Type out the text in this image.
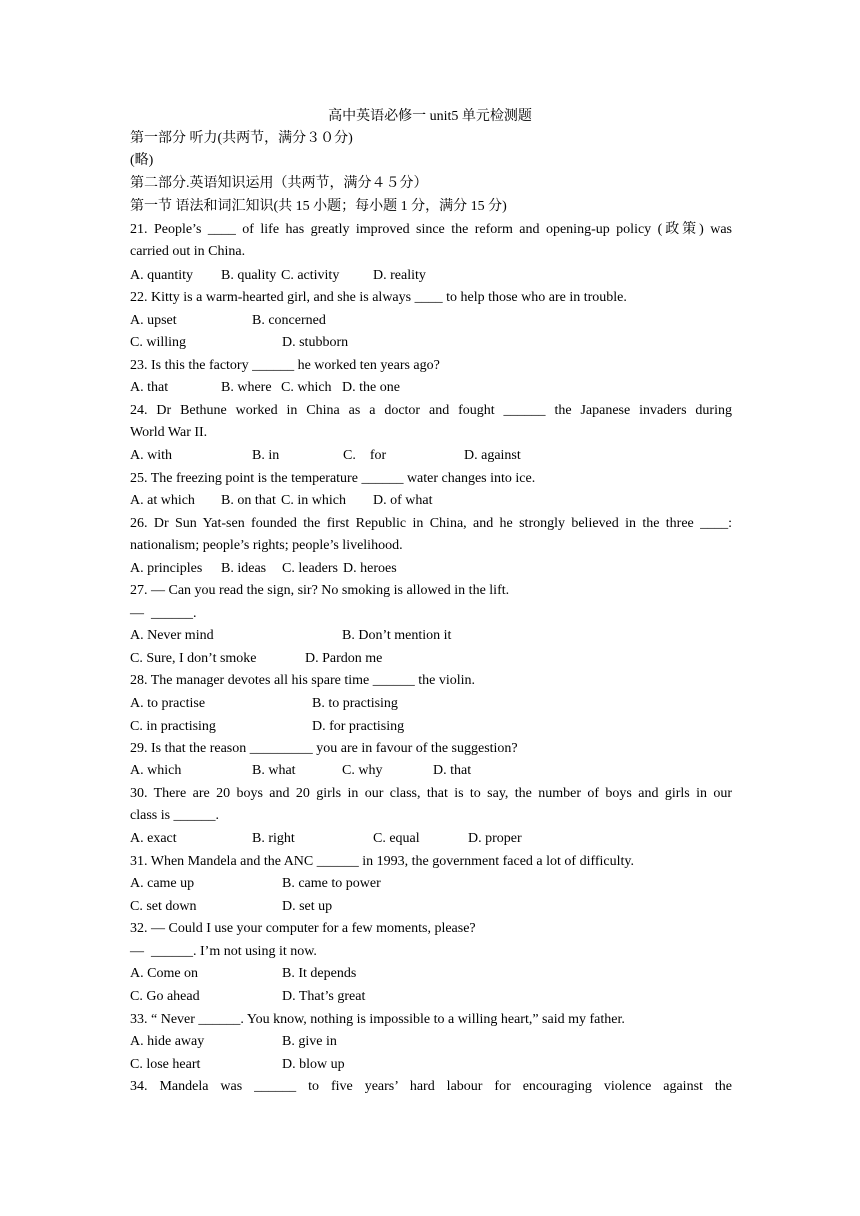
高中英语必修一 unit5 单元检测题
第一部分 听力(共两节，满分３０分)
(略)
第二部分.英语知识运用（共两节，满分４５分）
第一节 语法和词汇知识(共 15 小题；每小题 1 分，满分 15 分)
21. People’s ____ of life has greatly improved since the reform and opening-up policy (政策) was
carried out in China.
A. quantity B. quality C. activity D. reality
22. Kitty is a warm-hearted girl, and she is always ____ to help those who are in trouble.
A. upset	B. concerned
C. willing	D. stubborn
23. Is this the factory ______ he worked ten years ago?
A. that	B. where C. which D. the one
24. Dr Bethune worked in China as a doctor and fought ______ the Japanese invaders during
World War II.
A. with	B. in	C.    for	D. against
25. The freezing point is the temperature ______ water changes into ice.
A. at which B. on that C. in which D. of what
26. Dr Sun Yat-sen founded the first Republic in China, and he strongly believed in the three ____:
nationalism; people’s rights; people’s livelihood.
A. principles B. ideas C. leaders D. heroes
27. — Can you read the sign, sir? No smoking is allowed in the lift.
—  ______.
A. Never mind	B. Don’t mention it
C. Sure, I don’t smoke	D. Pardon me
28. The manager devotes all his spare time ______ the violin.
A. to practise	B. to practising
C. in practising	D. for practising
29. Is that the reason _________ you are in favour of the suggestion?
A. which	B. what	C. why	D. that
30. There are 20 boys and 20 girls in our class, that is to say, the number of boys and girls in our
class is ______.
A. exact	B. right	C. equal	D. proper
31. When Mandela and the ANC ______ in 1993, the government faced a lot of difficulty.
A. came up	B. came to power
C. set down	D. set up
32. — Could I use your computer for a few moments, please?
—  ______. I’m not using it now.
A. Come on	B. It depends
C. Go ahead	D. That’s great
33. “ Never ______. You know, nothing is impossible to a willing heart,” said my father.
A. hide away	B. give in
C. lose heart	D. blow up
34. Mandela was ______ to five years’ hard labour for encouraging violence against the
